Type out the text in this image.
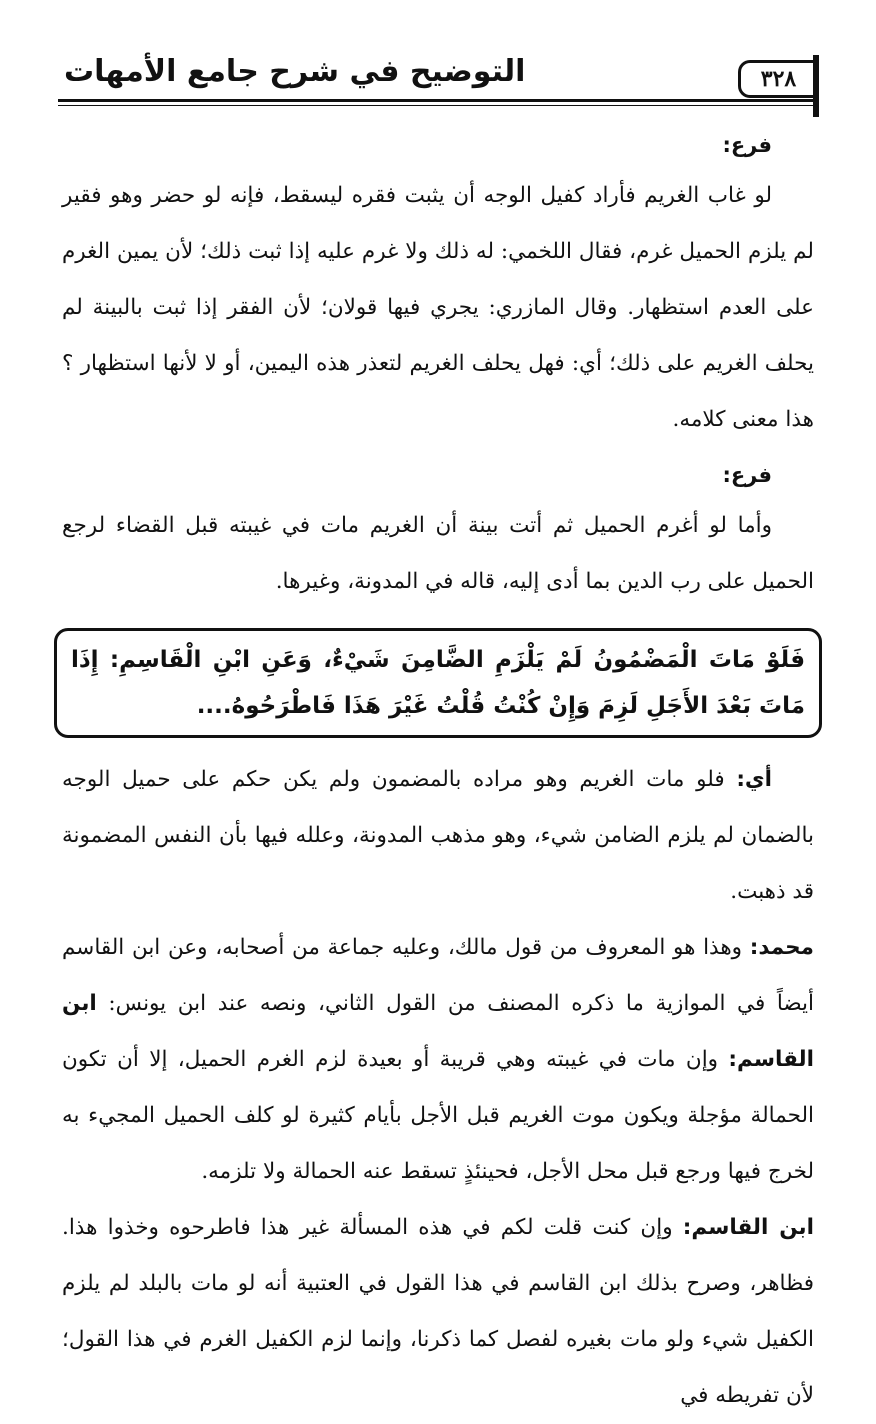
٣٢٨
التوضيح في شرح جامع الأمهات

فرع:

لو غاب الغريم فأراد كفيل الوجه أن يثبت فقره ليسقط، فإنه لو حضر وهو فقير لم يلزم الحميل غرم، فقال اللخمي: له ذلك ولا غرم عليه إذا ثبت ذلك؛ لأن يمين الغرم على العدم استظهار. وقال المازري: يجري فيها قولان؛ لأن الفقر إذا ثبت بالبينة لم يحلف الغريم على ذلك؛ أي: فهل يحلف الغريم لتعذر هذه اليمين، أو لا لأنها استظهار ؟ هذا معنى كلامه.

فرع:

وأما لو أغرم الحميل ثم أتت بينة أن الغريم مات في غيبته قبل القضاء لرجع الحميل على رب الدين بما أدى إليه، قاله في المدونة، وغيرها.

فَلَوْ مَاتَ الْمَضْمُونُ لَمْ يَلْزَمِ الضَّامِنَ شَيْءٌ، وَعَنِ ابْنِ الْقَاسِمِ: إِذَا مَاتَ بَعْدَ الأَجَلِ لَزِمَ وَإِنْ كُنْتُ قُلْتُ غَيْرَ هَذَا فَاطْرَحُوهُ....

أي: فلو مات الغريم وهو مراده بالمضمون ولم يكن حكم على حميل الوجه بالضمان لم يلزم الضامن شيء، وهو مذهب المدونة، وعلله فيها بأن النفس المضمونة قد ذهبت.

محمد: وهذا هو المعروف من قول مالك، وعليه جماعة من أصحابه، وعن ابن القاسم أيضاً في الموازية ما ذكره المصنف من القول الثاني، ونصه عند ابن يونس: ابن القاسم: وإن مات في غيبته وهي قريبة أو بعيدة لزم الغرم الحميل، إلا أن تكون الحمالة مؤجلة ويكون موت الغريم قبل الأجل بأيام كثيرة لو كلف الحميل المجيء به لخرج فيها ورجع قبل محل الأجل، فحينئذٍ تسقط عنه الحمالة ولا تلزمه.

ابن القاسم: وإن كنت قلت لكم في هذه المسألة غير هذا فاطرحوه وخذوا هذا. فظاهر، وصرح بذلك ابن القاسم في هذا القول في العتبية أنه لو مات بالبلد لم يلزم الكفيل شيء ولو مات بغيره لفصل كما ذكرنا، وإنما لزم الكفيل الغرم في هذا القول؛ لأن تفريطه في
